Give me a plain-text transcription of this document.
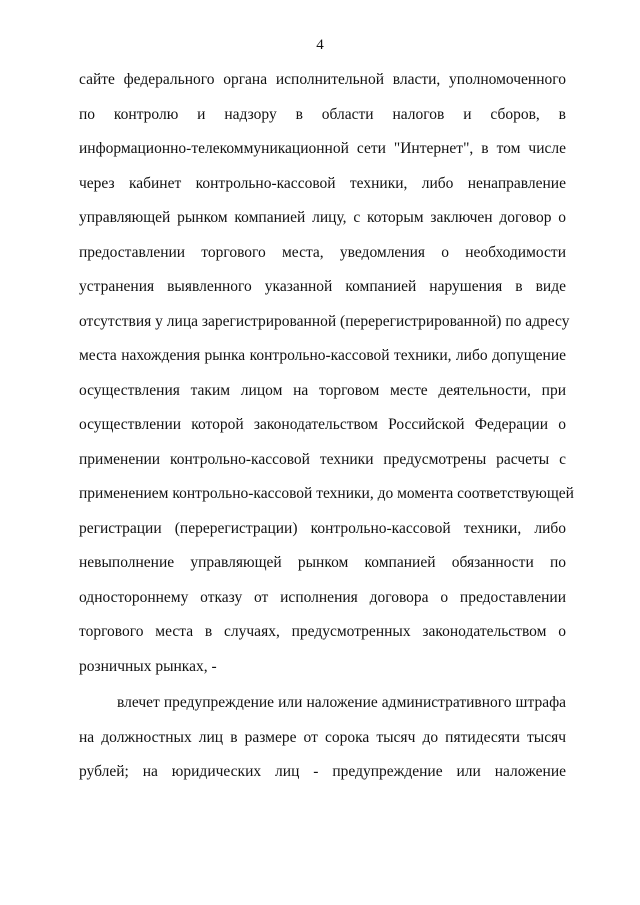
4
сайте федерального органа исполнительной власти, уполномоченного
по контролю и надзору в области налогов и сборов, в
информационно-телекоммуникационной сети "Интернет", в том числе
через кабинет контрольно-кассовой техники, либо ненаправление
управляющей рынком компанией лицу, с которым заключен договор о
предоставлении торгового места, уведомления о необходимости
устранения выявленного указанной компанией нарушения в виде
отсутствия у лица зарегистрированной (перерегистрированной) по адресу
места нахождения рынка контрольно-кассовой техники, либо допущение
осуществления таким лицом на торговом месте деятельности, при
осуществлении которой законодательством Российской Федерации о
применении контрольно-кассовой техники предусмотрены расчеты с
применением контрольно-кассовой техники, до момента соответствующей
регистрации (перерегистрации) контрольно-кассовой техники, либо
невыполнение управляющей рынком компанией обязанности по
одностороннему отказу от исполнения договора о предоставлении
торгового места в случаях, предусмотренных законодательством о
розничных рынках, -
влечет предупреждение или наложение административного штрафа
на должностных лиц в размере от сорока тысяч до пятидесяти тысяч
рублей; на юридических лиц - предупреждение или наложение
